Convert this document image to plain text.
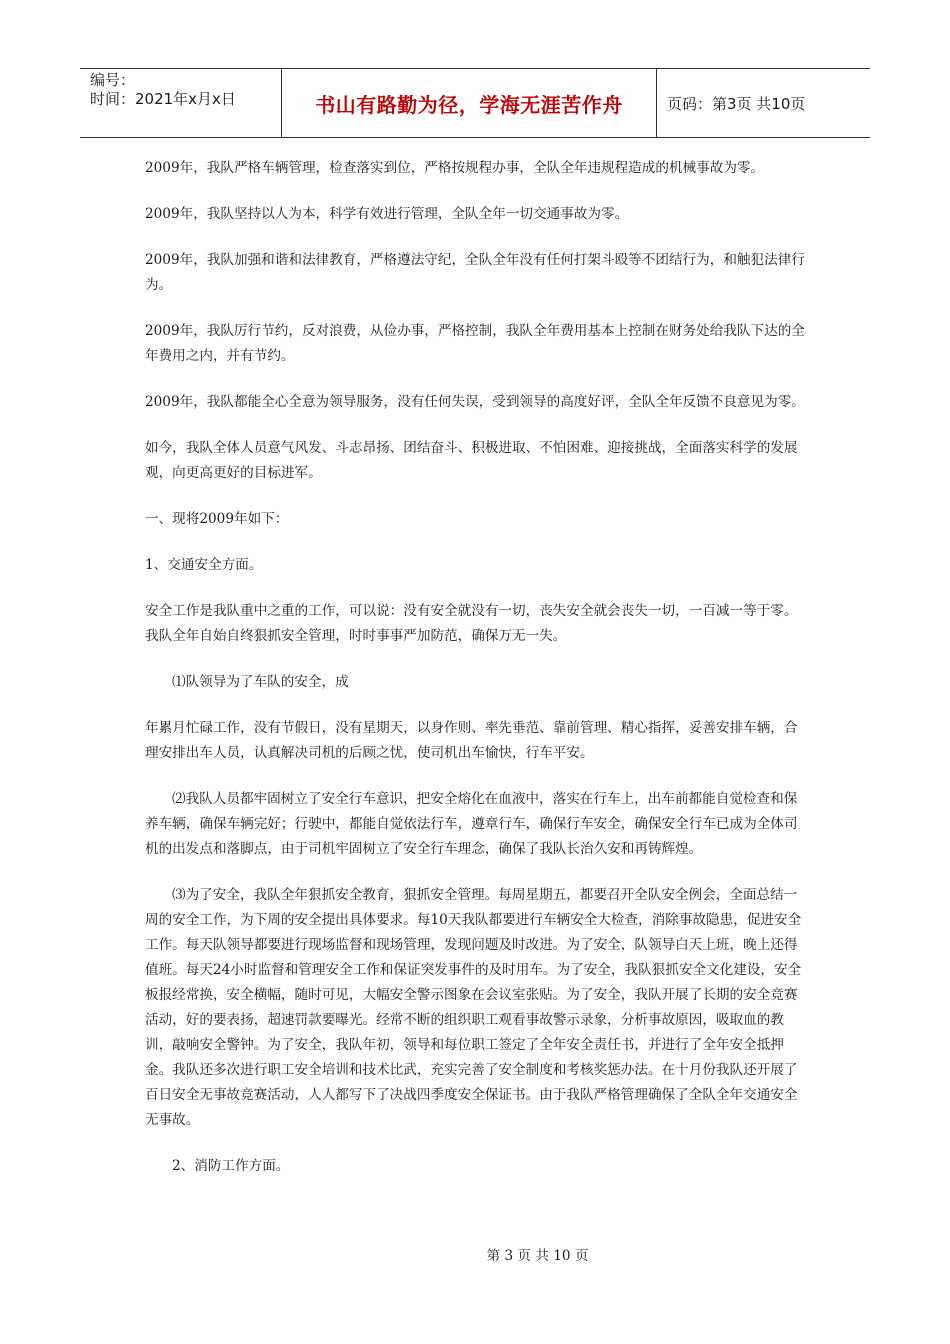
编号：
时间：2021年x月x日	书山有路勤为径，学海无涯苦作舟	页码：第3页 共10页

2009年，我队严格车辆管理，检查落实到位，严格按规程办事，全队全年违规程造成的机械事故为零。

2009年，我队坚持以人为本，科学有效进行管理，全队全年一切交通事故为零。

2009年，我队加强和谐和法律教育，严格遵法守纪，全队全年没有任何打架斗殴等不团结行为，和触犯法律行为。

2009年，我队厉行节约，反对浪费，从俭办事，严格控制，我队全年费用基本上控制在财务处给我队下达的全年费用之内，并有节约。

2009年，我队都能全心全意为领导服务，没有任何失误，受到领导的高度好评，全队全年反馈不良意见为零。

如今，我队全体人员意气风发、斗志昂扬、团结奋斗、积极进取、不怕困难、迎接挑战，全面落实科学的发展观，向更高更好的目标进军。

一、现将2009年如下：

1、交通安全方面。

安全工作是我队重中之重的工作，可以说：没有安全就没有一切，丧失安全就会丧失一切，一百减一等于零。我队全年自始自终狠抓安全管理，时时事事严加防范，确保万无一失。

⑴队领导为了车队的安全，成

年累月忙碌工作，没有节假日，没有星期天，以身作则、率先垂范、靠前管理、精心指挥，妥善安排车辆，合理安排出车人员，认真解决司机的后顾之忧，使司机出车愉快，行车平安。

⑵我队人员都牢固树立了安全行车意识，把安全熔化在血液中，落实在行车上，出车前都能自觉检查和保养车辆，确保车辆完好；行驶中，都能自觉依法行车，遵章行车，确保行车安全，确保安全行车已成为全体司机的出发点和落脚点，由于司机牢固树立了安全行车理念，确保了我队长治久安和再铸辉煌。

⑶为了安全，我队全年狠抓安全教育，狠抓安全管理。每周星期五，都要召开全队安全例会，全面总结一周的安全工作，为下周的安全提出具体要求。每10天我队都要进行车辆安全大检查，消除事故隐患，促进安全工作。每天队领导都要进行现场监督和现场管理，发现问题及时改进。为了安全，队领导白天上班，晚上还得值班。每天24小时监督和管理安全工作和保证突发事件的及时用车。为了安全，我队狠抓安全文化建设，安全板报经常换，安全横幅，随时可见，大幅安全警示图象在会议室张贴。为了安全，我队开展了长期的安全竞赛活动，好的要表扬，超速罚款要曝光。经常不断的组织职工观看事故警示录象，分析事故原因，吸取血的教训，敲响安全警钟。为了安全，我队年初，领导和每位职工签定了全年安全责任书，并进行了全年安全抵押金。我队还多次进行职工安全培训和技术比武，充实完善了安全制度和考核奖惩办法。在十月份我队还开展了百日安全无事故竞赛活动，人人都写下了决战四季度安全保证书。由于我队严格管理确保了全队全年交通安全无事故。

2、消防工作方面。

第 3 页 共 10 页
